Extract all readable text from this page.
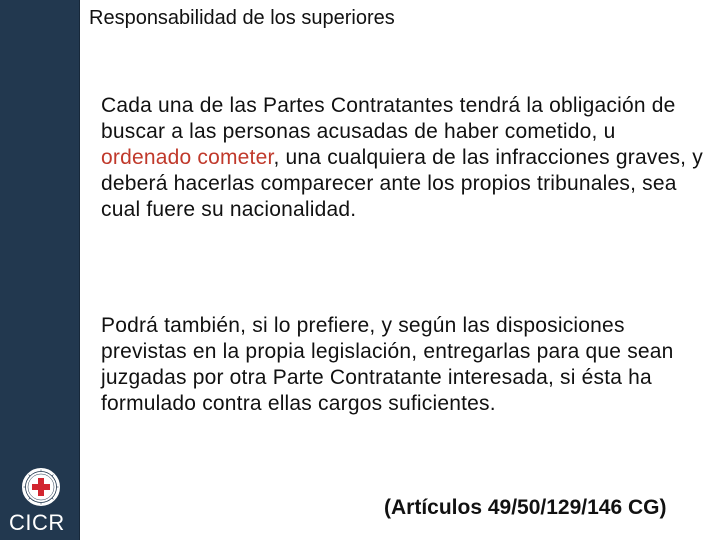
CICR
Responsabilidad de los superiores
Cada una de las Partes Contratantes tendrá la obligación de buscar a las personas acusadas de haber cometido, u ordenado cometer, una cualquiera de las infracciones graves, y deberá hacerlas comparecer ante los propios tribunales, sea cual fuere su nacionalidad.
Podrá también, si lo prefiere, y según las disposiciones previstas en la propia legislación, entregarlas para que sean juzgadas por otra Parte Contratante interesada, si ésta ha formulado contra ellas cargos suficientes.
(Artículos 49/50/129/146 CG)
